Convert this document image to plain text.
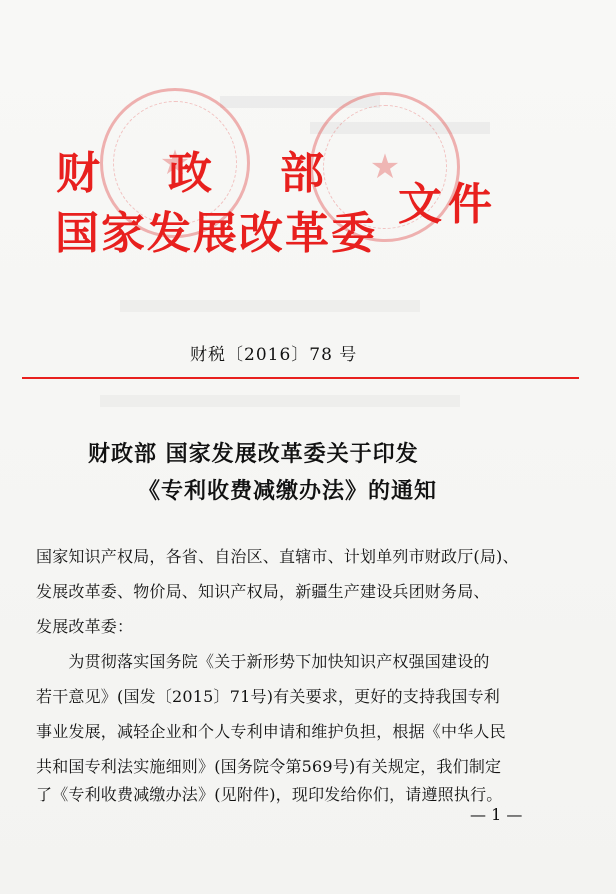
★
★
财政部
国家发展改革委
文件
财税〔2016〕78 号
财政部 国家发展改革委关于印发
《专利收费减缴办法》的通知
国家知识产权局，各省、自治区、直辖市、计划单列市财政厅(局)、
发展改革委、物价局、知识产权局，新疆生产建设兵团财务局、
发展改革委：
　　为贯彻落实国务院《关于新形势下加快知识产权强国建设的
若干意见》(国发〔2015〕71号)有关要求，更好的支持我国专利
事业发展，减轻企业和个人专利申请和维护负担，根据《中华人民
共和国专利法实施细则》(国务院令第569号)有关规定，我们制定
了《专利收费减缴办法》(见附件)，现印发给你们，请遵照执行。
— 1 —
